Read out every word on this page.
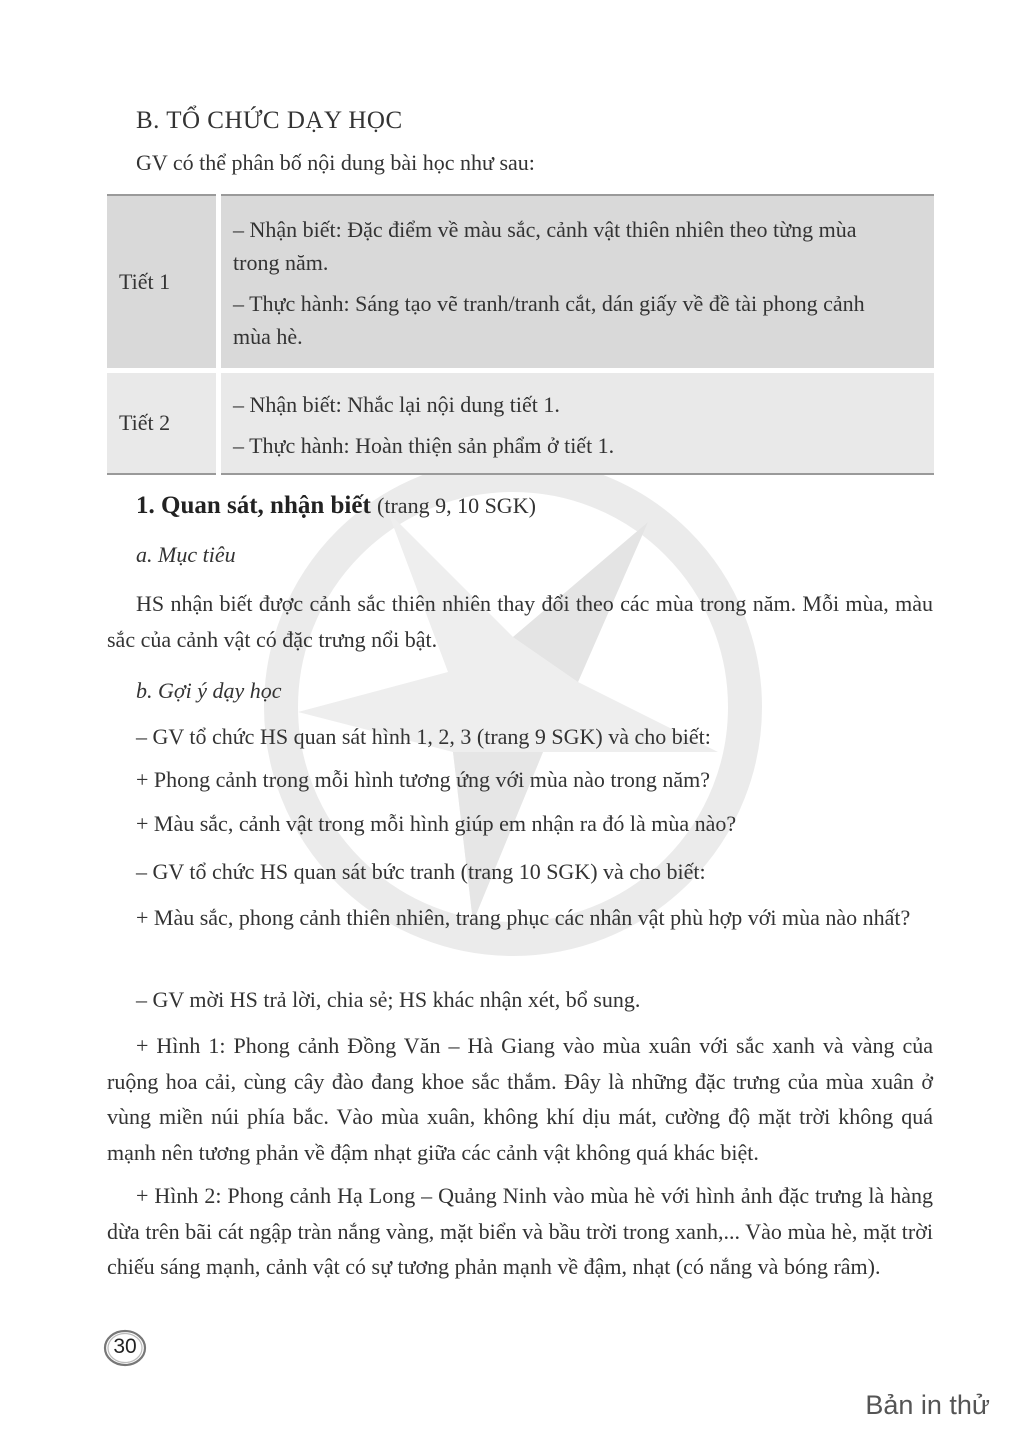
B. TỔ CHỨC DẠY HỌC
GV có thể phân bố nội dung bài học như sau:
Tiết 1	– Nhận biết: Đặc điểm về màu sắc, cảnh vật thiên nhiên theo từng mùa trong năm.

– Thực hành: Sáng tạo vẽ tranh/tranh cắt, dán giấy về đề tài phong cảnh mùa hè.

Tiết 2	– Nhận biết: Nhắc lại nội dung tiết 1.

– Thực hành: Hoàn thiện sản phẩm ở tiết 1.

1. Quan sát, nhận biết (trang 9, 10 SGK)
a. Mục tiêu

HS nhận biết được cảnh sắc thiên nhiên thay đổi theo các mùa trong năm. Mỗi mùa, màu sắc của cảnh vật có đặc trưng nổi bật.

b. Gợi ý dạy học
– GV tổ chức HS quan sát hình 1, 2, 3 (trang 9 SGK) và cho biết:
+ Phong cảnh trong mỗi hình tương ứng với mùa nào trong năm?
+ Màu sắc, cảnh vật trong mỗi hình giúp em nhận ra đó là mùa nào?
– GV tổ chức HS quan sát bức tranh (trang 10 SGK) và cho biết:

+ Màu sắc, phong cảnh thiên nhiên, trang phục các nhân vật phù hợp với mùa nào nhất?

– GV mời HS trả lời, chia sẻ; HS khác nhận xét, bổ sung.

+ Hình 1: Phong cảnh Đồng Văn – Hà Giang vào mùa xuân với sắc xanh và vàng của ruộng hoa cải, cùng cây đào đang khoe sắc thắm. Đây là những đặc trưng của mùa xuân ở vùng miền núi phía bắc. Vào mùa xuân, không khí dịu mát, cường độ mặt trời không quá mạnh nên tương phản về đậm nhạt giữa các cảnh vật không quá khác biệt.

+ Hình 2: Phong cảnh Hạ Long – Quảng Ninh vào mùa hè với hình ảnh đặc trưng là hàng dừa trên bãi cát ngập tràn nắng vàng, mặt biển và bầu trời trong xanh,... Vào mùa hè, mặt trời chiếu sáng mạnh, cảnh vật có sự tương phản mạnh về đậm, nhạt (có nắng và bóng râm).

30
Bản in thử
